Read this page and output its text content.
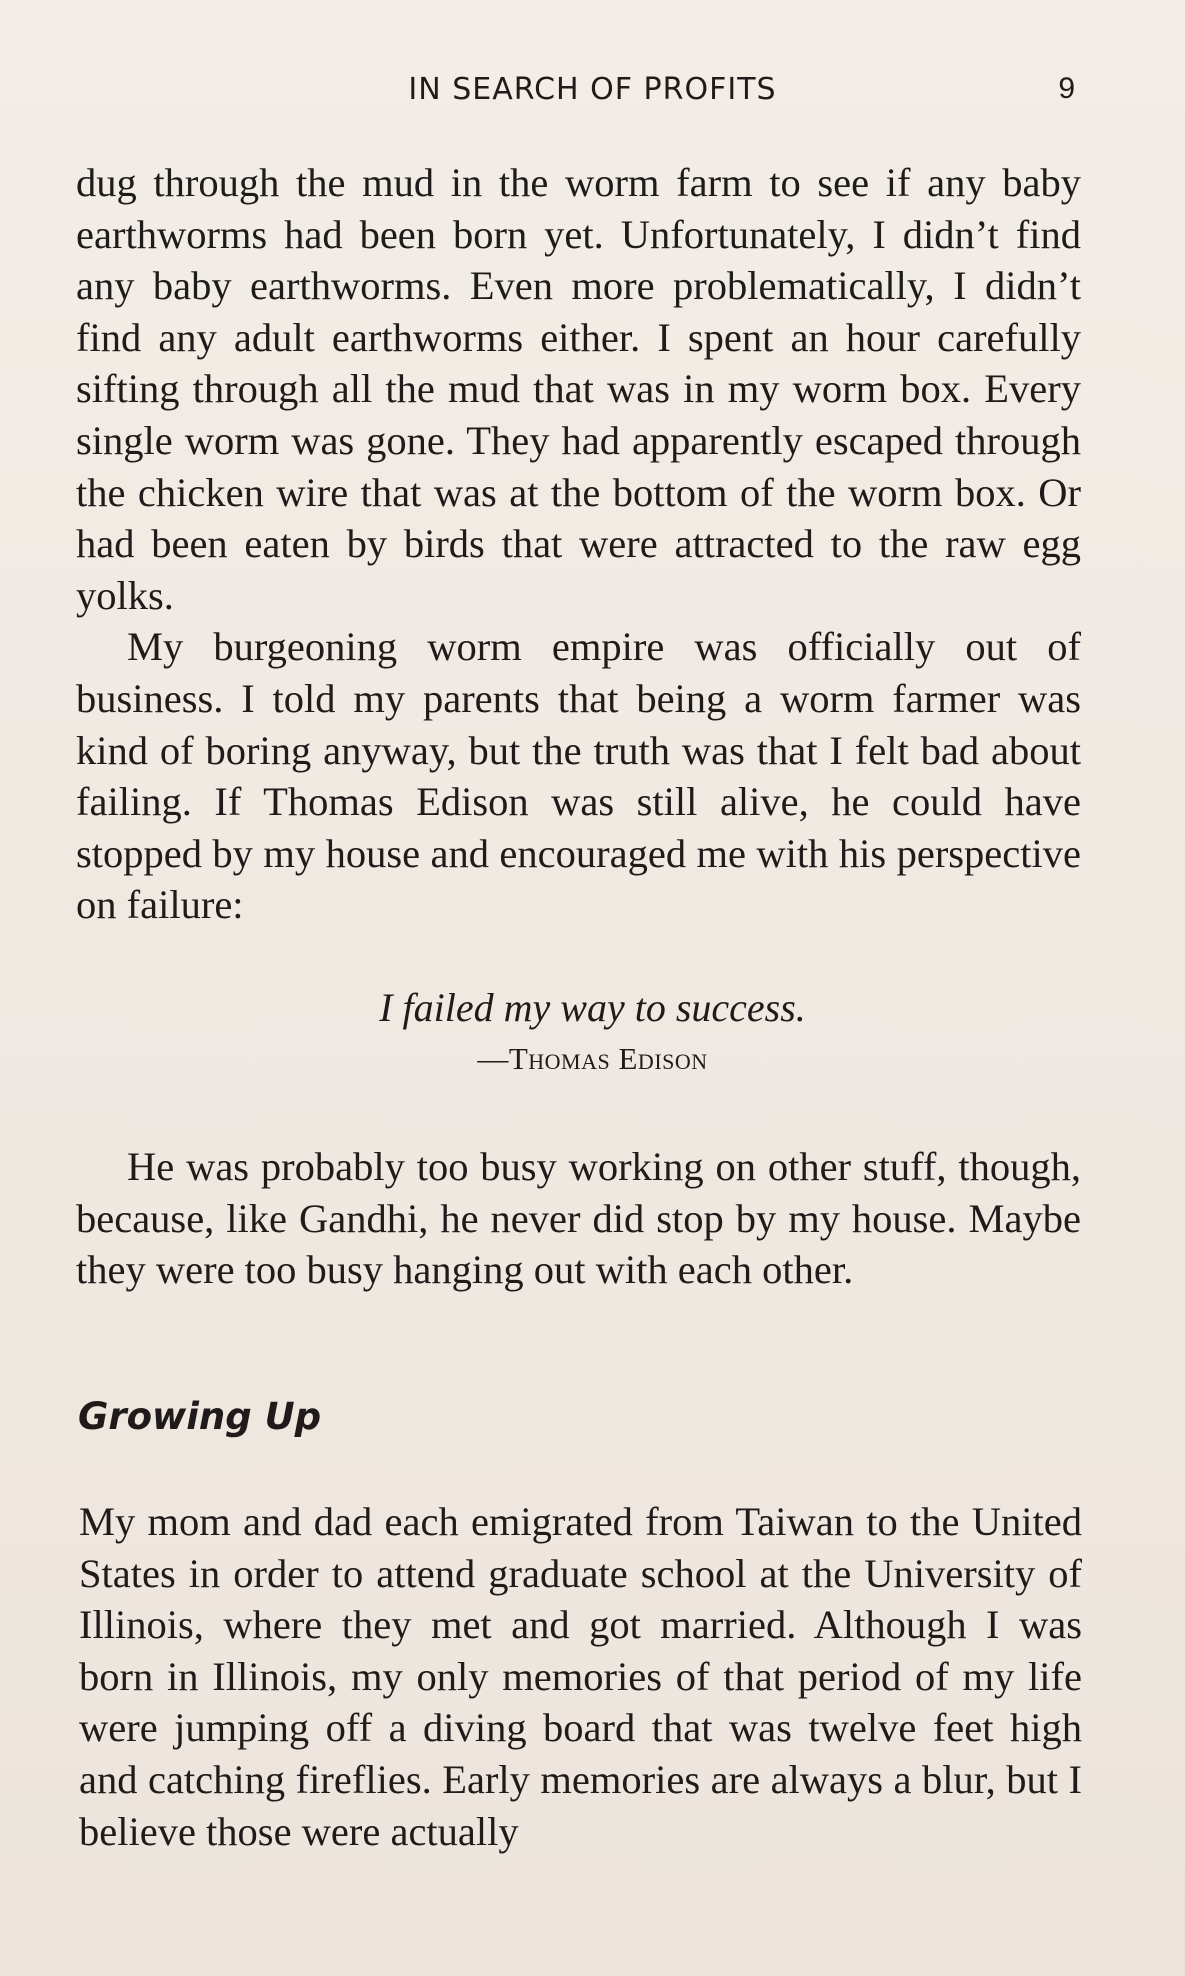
IN SEARCH OF PROFITS	9

dug through the mud in the worm farm to see if any baby earthworms had been born yet. Unfortunately, I didn’t find any baby earthworms. Even more problematically, I didn’t find any adult earthworms either. I spent an hour carefully sifting through all the mud that was in my worm box. Every single worm was gone. They had apparently escaped through the chicken wire that was at the bottom of the worm box. Or had been eaten by birds that were attracted to the raw egg yolks.

My burgeoning worm empire was officially out of business. I told my parents that being a worm farmer was kind of boring anyway, but the truth was that I felt bad about failing. If Thomas Edison was still alive, he could have stopped by my house and encouraged me with his perspective on failure:

I failed my way to success.
—Thomas Edison

He was probably too busy working on other stuff, though, because, like Gandhi, he never did stop by my house. Maybe they were too busy hanging out with each other.

Growing Up

My mom and dad each emigrated from Taiwan to the United States in order to attend graduate school at the University of Illinois, where they met and got married. Although I was born in Illinois, my only memories of that period of my life were jumping off a diving board that was twelve feet high and catching fireflies. Early memories are always a blur, but I believe those were actually
